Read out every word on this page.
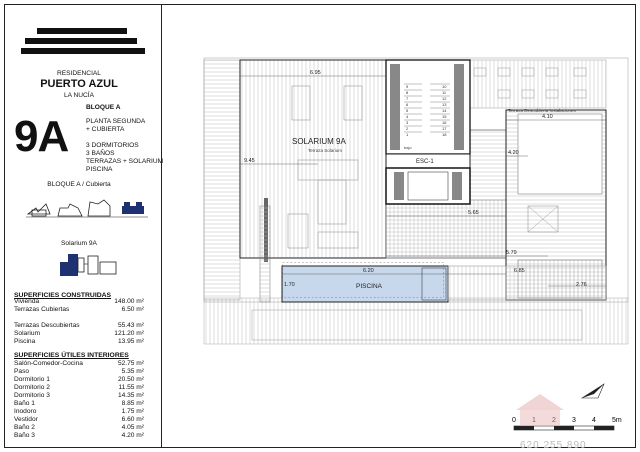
RESIDENCIAL
PUERTO AZUL
LA NUCÍA
BLOQUE A
9A	PLANTA SEGUNDA
+ CUBIERTA
3 DORMITORIOS
3 BAÑOS
TERRAZAS + SOLARIUM
PISCINA
BLOQUE A / Cubierta
Solarium 9A
SUPERFICIES CONSTRUIDAS
Vivienda	148.00 m²
Terrazas Cubiertas	6.50 m²
Terrazas Descubiertas	55.43 m²
Solarium	121.20 m²
Piscina	13.95 m²
SUPERFICIES ÚTILES INTERIORES
Salón-Comedor-Cocina	52.75 m²
Paso	5.35 m²
Dormitorio 1	20.50 m²
Dormitorio 2	11.55 m²
Dormitorio 3	14.35 m²
Baño 1	8.85 m²
Inodoro	1.75 m²
Vestidor	6.60 m²
Baño 2	4.05 m²
Baño 3	4.20 m²
6.95
4.10
9.45
4.20
5.65
5.79
6.20
1.70
6.85
2.76
SOLARIUM 9A
Terraza Solarium
Terraza Descubierta Instalaciones
ESC-1
PISCINA
bajo
9
8
7
6
5
4
3
2
1
10
11
12
13
14
15
16
17
18
0	3 4 5m
620 255 890
